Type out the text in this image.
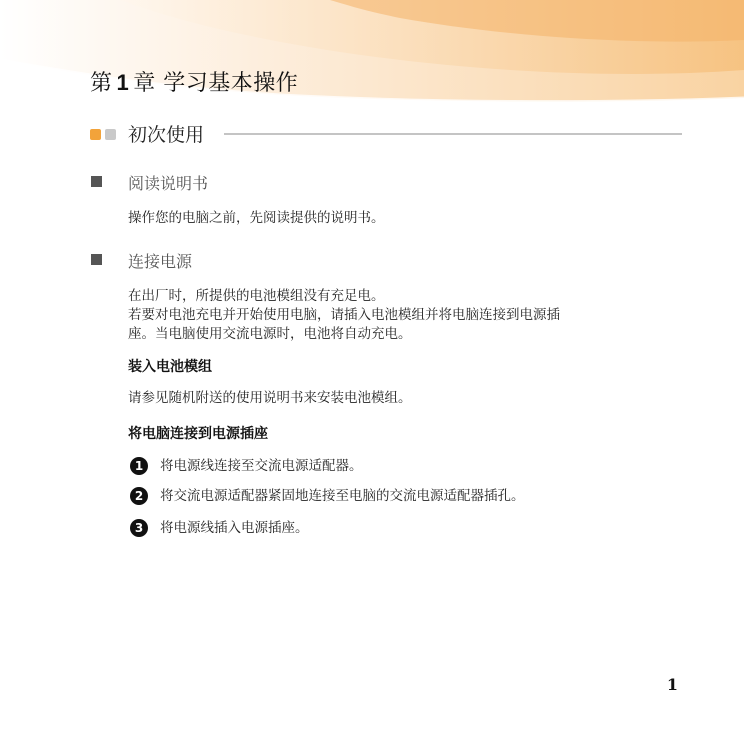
第 1 章 学习基本操作
初次使用
阅读说明书
操作您的电脑之前，先阅读提供的说明书。
连接电源
在出厂时，所提供的电池模组没有充足电。
若要对电池充电并开始使用电脑，请插入电池模组并将电脑连接到电源插
座。当电脑使用交流电源时，电池将自动充电。
装入电池模组
请参见随机附送的使用说明书来安装电池模组。
将电脑连接到电源插座
1	将电源线连接至交流电源适配器。
2	将交流电源适配器紧固地连接至电脑的交流电源适配器插孔。
3	将电源线插入电源插座。
1
